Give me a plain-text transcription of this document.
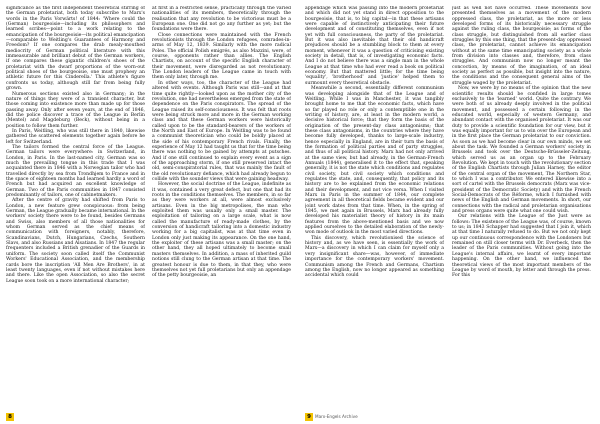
significance as the first independent theoretical stirring of the German proletariat, both today subscribe to Marx's words in the Paris Vorwärts! of 1844: 'Where could the (German) bourgeoisie—including its philosophers and learned scribes—point to a work relating to the emancipation of the bourgeoisie—its political emancipation—comparable to Weitling's Guarantees of Harmony and Freedom? If one compares the drab mealy-mouthed mediocrity of German political literature with this immeasurable and brilliant debut of the German workers, if one compares these gigantic children's shoes of the proletariat with the dwarf proportions of the worn-out political shoes of the bourgeoisie, one must prophesy an athletic future for this Cinderella.' This athlete's figure confronts us today, although still far from being fully grown.

Numerous sections existed also in Germany; in the nature of things they were of a transient character, but those coming into existence more than made up for those passing away. Only after seven years, at the end of 1846, did the police discover a trace of the League in Berlin (Mentel) and Magdeburg (Beck), without being in a position to follow them further.

In Paris, Weitling, who was still there in 1840, likewise gathered the scattered elements together again before he left for Switzerland.

The tailors formed the central force of the League. German tailors were everywhere: in Switzerland, in London, in Paris. In the last-named city, German was so much the prevailing tongue in this trade that I was acquainted there in 1846 with a Norwegian tailor who had travelled directly by sea from Trondhjem to France and in the space of eighteen months had learned hardly a word of French but had acquired an excellent knowledge of German. Two of the Paris communities in 1847 consisted predominantly of tailors, one of cabinetmakers.

After the centre of gravity had shifted from Paris to London, a new feature grew conspicuous: from being German, the League gradually became international. In the workers' society there were to be found, besides Germans and Swiss, also members of all those nationalities for whom German served as the chief means of communication with foreigners, notably, therefore, Scandinavians, Dutch, Hungarians, Czechs, Southern Slavs, and also Russians and Alsatians. In 1847 the regular frequenters included a British grenadier of the Guards in uniform. The society soon called itself the Communist Workers' Educational Association, and the membership cards bore the inscription 'All Men Are Brothers', in at least twenty languages, even if not without mistakes here and there. Like the open Association, so also the secret League soon took on a more international character;

at first in a restricted sense, practically through the varied nationalities of its members, theoretically through the realisation that any revolution to be victorious must be a European one. One did not go any further as yet; but the foundations were there.

Close connections were maintained with the French revolutionists through the London refugees, comrades-in-arms of May 12, 1839. Similarly with the more radical Poles. The official Polish emigrés, as also Mazzini, were, of course, opponents rather than allies. The English Chartists, on account of the specific English character of their movement, were disregarded as not revolutionary. The London leaders of the League came in touch with them only later, through me.

In other ways, too, the character of the League had altered with events. Although Paris was still—and at that time quite rightly—looked upon as the mother city of the revolution, one had nevertheless emerged from the state of dependence on the Paris conspirators. The spread of the League raised its self-consciousness. It was felt that roots were being struck more and more in the German working class and that these German workers were historically called upon to be the standard-bearers of the workers of the North and East of Europe. In Weitling was to be found a communist theoretician who could be boldly placed at the side of his contemporary French rivals. Finally, the experience of May 12 had taught us that for the time being there was nothing to be gained by attempts at putsches. And if one still continued to explain every event as a sign of the approaching storm, if one still preserved intact the old, semi-conspiratorial rules, that was mainly the fault of the old revolutionary defiance, which had already begun to collide with the sounder views that were gaining headway.

However, the social doctrine of the League, indefinite as it was, contained a very great defect, but one that had its roots in the conditions themselves. The members, in so far as they were workers at all, were almost exclusively artisans. Even in the big metropolises, the man who exploited them was usually only a small master. The exploitation of tailoring on a large scale, what is now called the manufacture of ready-made clothes, by the conversion of handicraft tailoring into a domestic industry working for a big capitalist, was at that time even in London only just making its appearance. On the one hand, the exploiter of these artisans was a small master; on the other hand, they all hoped ultimately to become small masters themselves. In addition, a mass of inherited guild notions still clung to the German artisan at that time. The greatest honour is due to them, in that they, who were themselves not yet full proletarians but only an appendage of the petty bourgeoisie, an

appendage which was passing into the modern proletariat and which did not yet stand in direct opposition to the bourgeoisie, that is, to big capital—in that these artisans were capable of instinctively anticipating their future development and of constituting themselves, even if not yet with full consciousness, the party of the proletariat. But it was also inevitable that their old handicraft prejudices should be a stumbling block to them at every moment, whenever it was a question of criticising existing society in detail, that is, of investigating economic facts. And I do not believe there was a single man in the whole League at that time who had ever read a book on political economy. But that mattered little; for the time being 'equality', 'brotherhood' and 'justice' helped them to surmount every theoretical obstacle.

Meanwhile a second, essentially different communism was developing alongside that of the League and of Weitling. While I was in Manchester, it was tangibly brought home to me that the economic facts, which have so far played no role or only a contemptible one in the writing of history, are, at least in the modern world, a decisive historical force; that they form the basis of the origination of the present-day class antagonisms; that these class antagonisms, in the countries where they have become fully developed, thanks to large-scale industry, hence especially in England, are in their turn the basis of the formation of political parties and of party struggles, and thus of all political history. Marx had not only arrived at the same view, but had already, in the German-French Annuals (1844), generalised it to the effect that, speaking generally, it is not the state which conditions and regulates civil society, but civil society which conditions and regulates the state, and, consequently, that policy and its history are to be explained from the economic relations and their development, and not vice versa. When I visited Marx in Paris in the summer of 1844, our complete agreement in all theoretical fields became evident and our joint work dates from that time. When, in the spring of 1845, we met again in Brussels, Marx had already fully developed his materialist theory of history in its main features from the above-mentioned basis and we now applied ourselves to the detailed elaboration of the newly-won mode of outlook in the most varied directions.

This discovery, which revolutionised the science of history and, as we have seen, is essentially the work of Marx—a discovery in which I can claim for myself only a very insignificant share—was, however, of immediate importance for the contemporary workers' movement. Communism among the French and Germans, Chartism among the English, now no longer appeared as something accidental which could

just as well not have occurred. These movements now presented themselves as a movement of the modern oppressed class, the proletariat, as the more or less developed forms of its historically necessary struggle against the ruling class, the bourgeoisie; as forms of the class struggle, but distinguished from all earlier class struggles by this one thing, that the present-day oppressed class, the proletariat, cannot achieve its emancipation without at the same time emancipating society as a whole from division into classes and, therefore, from class struggles. And communism now no longer meant the concoction, by means of the imagination, of an ideal society as perfect as possible, but insight into the nature, the conditions and the consequent general aims of the struggle waged by the proletariat.

Now, we were by no means of the opinion that the new scientific results should be confided in large tomes exclusively to the 'learned' world. Quite the contrary. We were both of us already deeply involved in the political movement, and possessed a certain following in the educated world, especially of western Germany, and abundant contact with the organised proletariat. It was our duty to provide a scientific foundation for our view, but it was equally important for us to win over the European and in the first place the German proletariat to our conviction. As soon as we had become clear in our own minds, we set about the task. We founded a German workers' society in Brussels and took over the Deutsche-Brüsseler-Zeitung, which served us as an organ up to the February Revolution. We kept in touch with the revolutionary section of the English Chartists through Julian Harney, the editor of the central organ of the movement, The Northern Star, to which I was a contributor. We entered likewise into a sort of cartel with the Brussels democrats (Marx was vice-president of the Democratic Society) and with the French Social-Democrats of the Réforme, which I furnished with news of the English and German movements. In short, our connections with the radical and proletarian organisations and press organs were quite what one could wish.

Our relations with the League of the Just were as follows: The existence of the League was, of course, known to us; in 1843 Schapper had suggested that I join it, which at that time I naturally refused to do. But we not only kept up our continuous correspondence with the Londoners but remained on still closer terms with Dr. Everbeck, then the leader of the Paris communities. Without going into the League's internal affairs, we learnt of every important happening. On the other hand, we influenced the theoretical views of the most important members of the League by word of mouth, by letter and through the press. For this

8	9 Marx-Engels Archive
